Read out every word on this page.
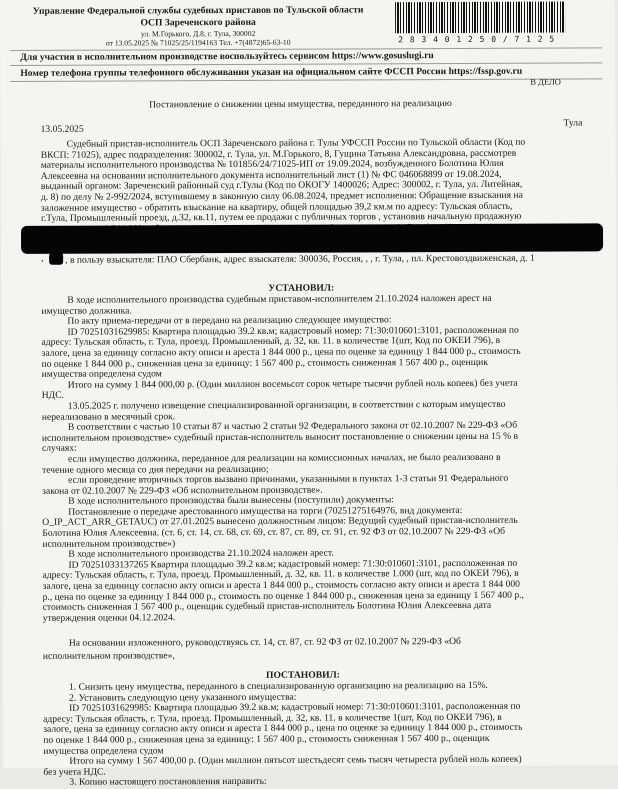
Управление Федеральной службы судебных приставов по Тульской области
ОСП Зареченского района
ул. М.Горького, Д.8, г. Тула, 300002
от 13.05.2025 № 71025/25/1194163 Тел. +7(4872)65-63-10	2 8 3 4 0 1 2 5 0 / 7 1 2 5
Для участия в исполнительном производстве воспользуйтесь сервисом https://www.gosuslugi.ru
Номер телефона группы телефонного обслуживания указан на официальном сайте ФССП России https://fssp.gov.ru
В ДЕЛО
Постановление о снижении цены имущества, переданного на реализацию
13.05.2025
Тула
Судебный пристав-исполнитель ОСП Зареченского района г. Тулы УФССП России по Тульской области (Код по
ВКСП: 71025), адрес подразделения: 300002, г. Тула, ул. М.Горького, 8, Гущина Татьяна Александровна, рассмотрев
материалы исполнительного производства № 101856/24/71025-ИП от 19.09.2024, возбужденного Болотина Юлия
Алексеевна на основании исполнительного документа исполнительный лист (1) № ФС 046068899 от 19.08.2024,
выданный органом: Зареченский районный суд г.Тулы (Код по ОКОГУ 1400026; Адрес: 300002, г. Тула, ул. Литейная,
д. 8) по делу № 2-992/2024, вступившему в законную силу 06.08.2024, предмет исполнения: Обращение взыскания на
заложенное имущество - обратить взыскание на квартиру, общей площадью 39,2 км.м по адресу: Тульская область,
г.Тула, Промышленный проезд, д.32, кв.11, путем ее продажи с публичных торгов , установив начальную продажную
, , в пользу взыскателя: ПАО Сбербанк, адрес взыскателя: 300036, Россия, , , г. Тула, , пл. Крестовоздвиженская, д. 1
УСТАНОВИЛ:
В ходе исполнительного производства судебным приставом-исполнителем 21.10.2024 наложен арест на
имущество должника.
По акту приема-передачи от в передано на реализацию следующее имущество:
ID 70251031629985: Квартира площадью 39.2 кв.м; кадастровый номер: 71:30:010601:3101, расположенная по
адресу: Тульская область, г. Тула, проезд. Промышленный, д. 32, кв. 11. в количестве 1(шт, Код по ОКЕИ 796), в
залоге, цена за единицу согласно акту описи и ареста 1 844 000 р., цена по оценке за единицу 1 844 000 р., стоимость
по оценке 1 844 000 р., сниженная цена за единицу: 1 567 400 р., стоимость сниженная 1 567 400 р., оценщик
имущества определена судом
Итого на сумму 1 844 000,00 р. (Один миллион восемьсот сорок четыре тысячи рублей ноль копеек) без учета
НДС.
13.05.2025 г. получено извещение специализированной организации, в соответствии с которым имущество
нереализовано в месячный срок.
В соответствии с частью 10 статьи 87 и частью 2 статьи 92 Федерального закона от 02.10.2007 № 229-ФЗ «Об
исполнительном производстве» судебный пристав-исполнитель выносит постановление о снижении цены на 15 % в
случаях:
если имущество должника, переданное для реализации на комиссионных началах, не было реализовано в
течение одного месяца со дня передачи на реализацию;
если проведение вторичных торгов вызвано причинами, указанными в пунктах 1-3 статьи 91 Федерального
закона от 02.10.2007 № 229-ФЗ «Об исполнительном производстве».
В ходе исполнительного производства были вынесены (поступили) документы:
Постановление о передаче арестованного имущества на торги (70251275164976, вид документа:
O_IP_ACT_ARR_GETAUC) от 27.01.2025 вынесено должностным лицом: Ведущий судебный пристав-исполнитель
Болотина Юлия Алексеевна. (ст. 6, ст. 14, ст. 68, ст. 69, ст. 87, ст. 89, ст. 91, ст. 92 ФЗ от 02.10.2007 № 229-ФЗ «Об
исполнительном производстве»)
В ходе исполнительного производства 21.10.2024 наложен арест.
ID 70251033137265 Квартира площадью 39.2 кв.м; кадастровый номер: 71:30:010601:3101, расположенная по
адресу: Тульская область, г. Тула, проезд. Промышленный, д. 32, кв. 11. в количестве 1.000 (шт, код по ОКЕИ 796), в
залоге, цена за единицу согласно акту описи и ареста 1 844 000 р., стоимость согласно акту описи и ареста 1 844 000
р., цена по оценке за единицу 1 844 000 р., стоимость по оценке 1 844 000 р., сниженная цена за единицу 1 567 400 р.,
стоимость сниженная 1 567 400 р., оценщик судебный пристав-исполнитель Болотина Юлия Алексеевна дата
утверждения оценки 04.12.2024.
На основании изложенного, руководствуясь ст. 14, ст. 87, ст. 92 ФЗ от 02.10.2007 № 229-ФЗ «Об
исполнительном производстве»,
ПОСТАНОВИЛ:
1. Снизить цену имущества, переданного в специализированную организацию на реализацию на 15%.
2. Установить следующую цену указанного имущества:
ID 70251031629985: Квартира площадью 39.2 кв.м; кадастровый номер: 71:30:010601:3101, расположенная по
адресу: Тульская область, г. Тула, проезд. Промышленный, д. 32, кв. 11. в количестве 1(шт, Код по ОКЕИ 796), в
залоге, цена за единицу согласно акту описи и ареста 1 844 000 р., цена по оценке за единицу 1 844 000 р., стоимость
по оценке 1 844 000 р., сниженная цена за единицу: 1 567 400 р., стоимость сниженная 1 567 400 р., оценщик
имущества определена судом
Итого на сумму 1 567 400,00 р. (Один миллион пятьсот шестьдесят семь тысяч четыреста рублей ноль копеек)
без учета НДС.
3. Копию настоящего постановления направить:
